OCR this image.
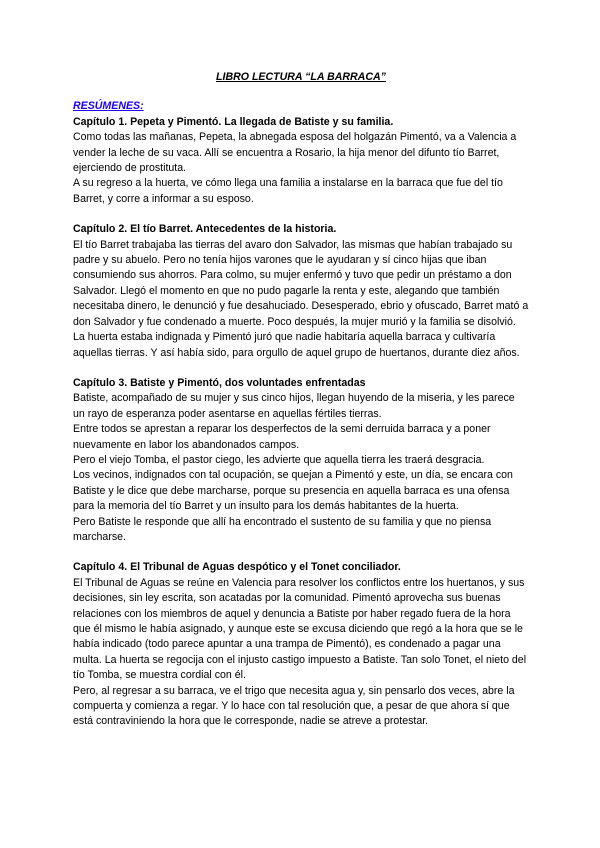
LIBRO LECTURA “LA BARRACA”

RESÚMENES:

Capítulo 1. Pepeta y Pimentó. La llegada de Batiste y su familia.

Como todas las mañanas, Pepeta, la abnegada esposa del holgazán Pimentó, va a Valencia a vender la leche de su vaca. Allí se encuentra a Rosario, la hija menor del difunto tío Barret, ejerciendo de prostituta.

A su regreso a la huerta, ve cómo llega una familia a instalarse en la barraca que fue del tío Barret, y corre a informar a su esposo.

Capítulo 2. El tío Barret. Antecedentes de la historia.

El tío Barret trabajaba las tierras del avaro don Salvador, las mismas que habían trabajado su padre y su abuelo. Pero no tenía hijos varones que le ayudaran y sí cinco hijas que iban consumiendo sus ahorros. Para colmo, su mujer enfermó y tuvo que pedir un préstamo a don Salvador. Llegó el momento en que no pudo pagarle la renta y este, alegando que también necesitaba dinero, le denunció y fue desahuciado. Desesperado, ebrio y ofuscado, Barret mató a don Salvador y fue condenado a muerte. Poco después, la mujer murió y la familia se disolvió.

La huerta estaba indignada y Pimentó juró que nadie habitaría aquella barraca y cultivaría aquellas tierras. Y así había sido, para orgullo de aquel grupo de huertanos, durante diez años.

Capítulo 3. Batiste y Pimentó, dos voluntades enfrentadas

Batiste, acompañado de su mujer y sus cinco hijos, llegan huyendo de la miseria, y les parece un rayo de esperanza poder asentarse en aquellas fértiles tierras.

Entre todos se aprestan a reparar los desperfectos de la semi derruida barraca y a poner nuevamente en labor los abandonados campos.

Pero el viejo Tomba, el pastor ciego, les advierte que aquella tierra les traerá desgracia.

Los vecinos, indignados con tal ocupación, se quejan a Pimentó y este, un día, se encara con Batiste y le dice que debe marcharse, porque su presencia en aquella barraca es una ofensa para la memoria del tío Barret y un insulto para los demás habitantes de la huerta.

Pero Batiste le responde que allí ha encontrado el sustento de su familia y que no piensa marcharse.

Capítulo 4. El Tribunal de Aguas despótico y el Tonet conciliador.

El Tribunal de Aguas se reúne en Valencia para resolver los conflictos entre los huertanos, y sus decisiones, sin ley escrita, son acatadas por la comunidad. Pimentó aprovecha sus buenas relaciones con los miembros de aquel y denuncia a Batiste por haber regado fuera de la hora que él mismo le había asignado, y aunque este se excusa diciendo que regó a la hora que se le había indicado (todo parece apuntar a una trampa de Pimentó), es condenado a pagar una multa. La huerta se regocija con el injusto castigo impuesto a Batiste. Tan solo Tonet, el nieto del tío Tomba, se muestra cordial con él.

Pero, al regresar a su barraca, ve el trigo que necesita agua y, sin pensarlo dos veces, abre la compuerta y comienza a regar. Y lo hace con tal resolución que, a pesar de que ahora sí que está contraviniendo la hora que le corresponde, nadie se atreve a protestar.
